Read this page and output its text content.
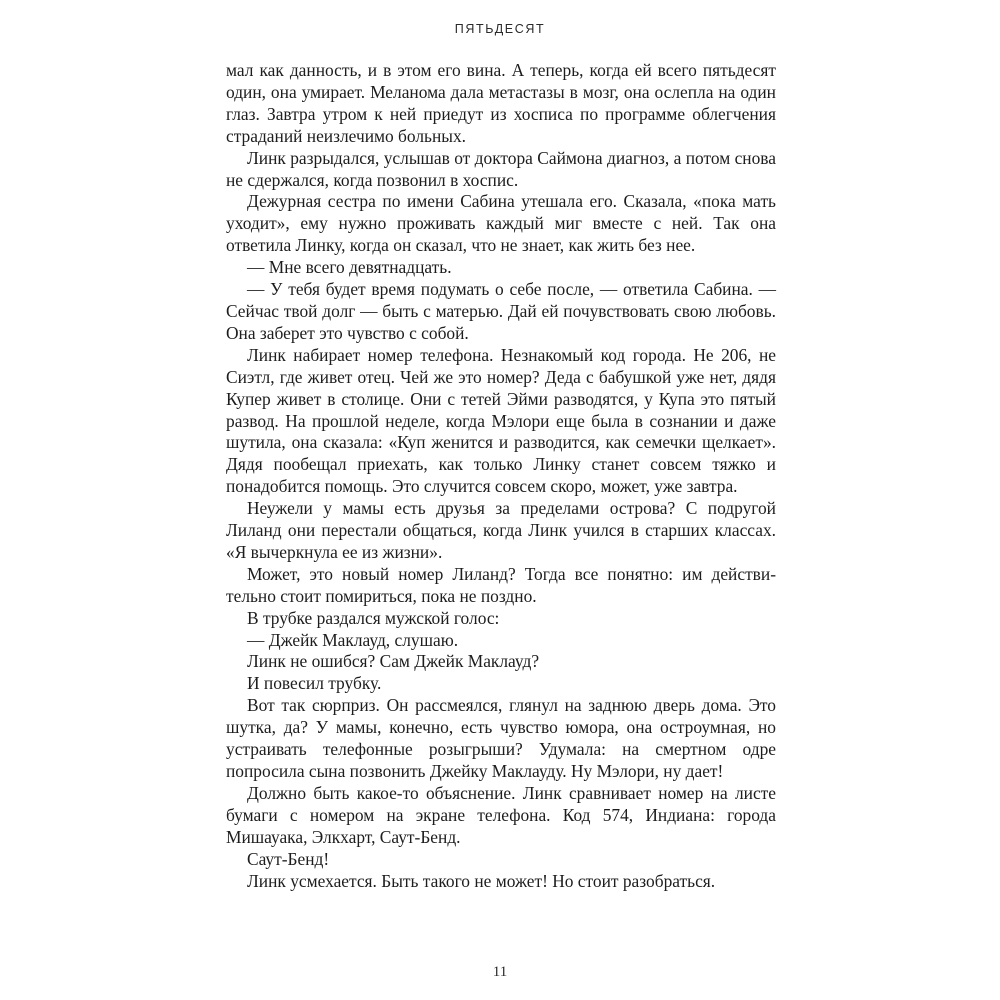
ПЯТЬДЕСЯТ

мал как данность, и в этом его вина. А теперь, когда ей всего пятьдесят один, она умирает. Меланома дала метастазы в мозг, она ослепла на один глаз. Завтра утром к ней приедут из хосписа по программе облегчения страданий неизлечимо больных.

Линк разрыдался, услышав от доктора Саймона диагноз, а потом снова не сдержался, когда позвонил в хоспис.

Дежурная сестра по имени Сабина утешала его. Сказала, «пока мать уходит», ему нужно проживать каждый миг вместе с ней. Так она ответила Линку, когда он сказал, что не знает, как жить без нее.

— Мне всего девятнадцать.

— У тебя будет время подумать о себе после, — ответила Сабина. — Сейчас твой долг — быть с матерью. Дай ей почувствовать свою любовь. Она заберет это чувство с собой.

Линк набирает номер телефона. Незнакомый код города. Не 206, не Сиэтл, где живет отец. Чей же это номер? Деда с бабушкой уже нет, дядя Купер живет в столице. Они с тетей Эйми разводятся, у Купа это пятый развод. На прошлой неделе, когда Мэлори еще была в сознании и даже шутила, она сказала: «Куп женится и разводится, как семечки щелкает». Дядя пообещал приехать, как только Линку станет совсем тяжко и понадобится помощь. Это случится совсем скоро, может, уже завтра.

Неужели у мамы есть друзья за пределами острова? С подругой Лиланд они перестали общаться, когда Линк учился в старших классах. «Я вычеркнула ее из жизни».

Может, это новый номер Лиланд? Тогда все понятно: им действительно стоит помириться, пока не поздно.

В трубке раздался мужской голос:

— Джейк Маклауд, слушаю.

Линк не ошибся? Сам Джейк Маклауд?

И повесил трубку.

Вот так сюрприз. Он рассмеялся, глянул на заднюю дверь дома. Это шутка, да? У мамы, конечно, есть чувство юмора, она остроумная, но устраивать телефонные розыгрыши? Удумала: на смертном одре попросила сына позвонить Джейку Маклауду. Ну Мэлори, ну дает!

Должно быть какое-то объяснение. Линк сравнивает номер на листе бумаги с номером на экране телефона. Код 574, Индиана: города Мишауака, Элкхарт, Саут-Бенд.

Саут-Бенд!

Линк усмехается. Быть такого не может! Но стоит разобраться.

11
